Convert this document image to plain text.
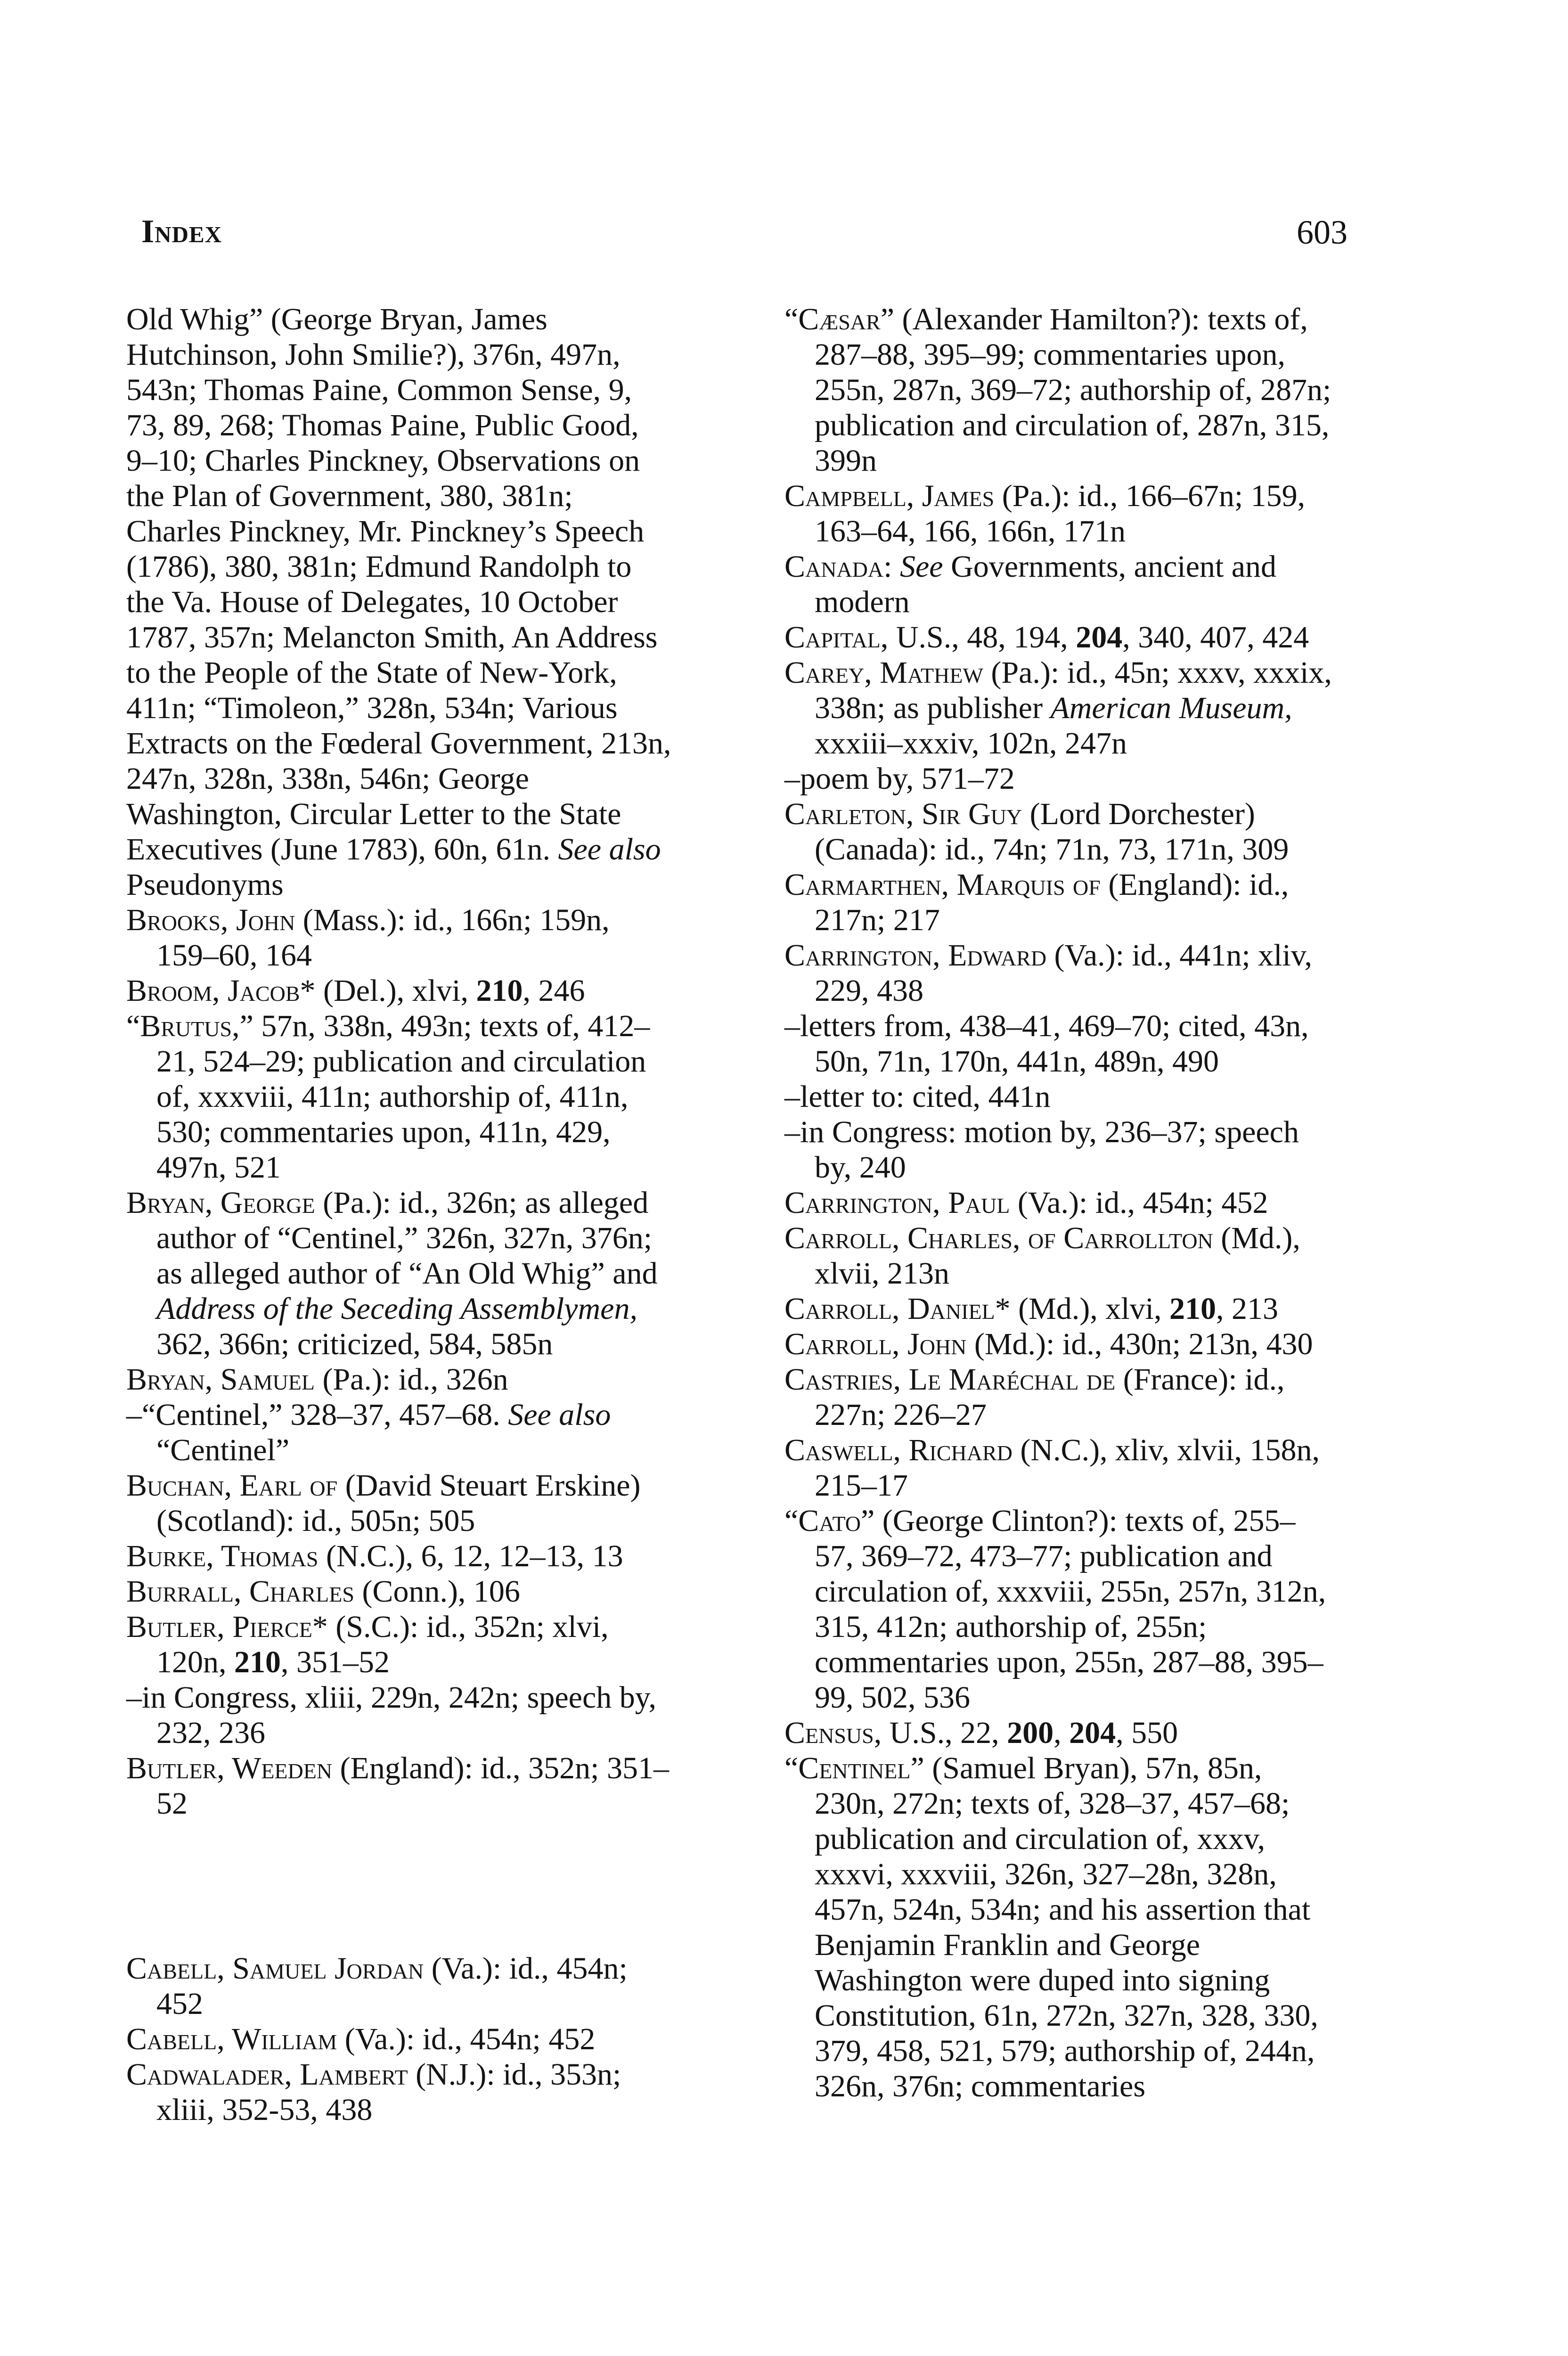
Index	603
Old Whig” (George Bryan, James Hutchinson, John Smilie?), 376n, 497n, 543n; Thomas Paine, Common Sense, 9, 73, 89, 268; Thomas Paine, Public Good, 9–10; Charles Pinckney, Observations on the Plan of Government, 380, 381n; Charles Pinckney, Mr. Pinckney’s Speech (1786), 380, 381n; Edmund Randolph to the Va. House of Delegates, 10 October 1787, 357n; Melancton Smith, An Address to the People of the State of New-York, 411n; “Timoleon,” 328n, 534n; Various Extracts on the Fœderal Government, 213n, 247n, 328n, 338n, 546n; George Washington, Circular Letter to the State Executives (June 1783), 60n, 61n. See also Pseudonyms
Brooks, John (Mass.): id., 166n; 159n, 159–60, 164
Broom, Jacob* (Del.), xlvi, 210, 246
“Brutus,” 57n, 338n, 493n; texts of, 412–21, 524–29; publication and circulation of, xxxviii, 411n; authorship of, 411n, 530; commentaries upon, 411n, 429, 497n, 521
Bryan, George (Pa.): id., 326n; as alleged author of “Centinel,” 326n, 327n, 376n; as alleged author of “An Old Whig” and Address of the Seceding Assemblymen, 362, 366n; criticized, 584, 585n
Bryan, Samuel (Pa.): id., 326n
–“Centinel,” 328–37, 457–68. See also “Centinel”
Buchan, Earl of (David Steuart Erskine) (Scotland): id., 505n; 505
Burke, Thomas (N.C.), 6, 12, 12–13, 13
Burrall, Charles (Conn.), 106
Butler, Pierce* (S.C.): id., 352n; xlvi, 120n, 210, 351–52
–in Congress, xliii, 229n, 242n; speech by, 232, 236
Butler, Weeden (England): id., 352n; 351–52
Cabell, Samuel Jordan (Va.): id., 454n; 452
Cabell, William (Va.): id., 454n; 452
Cadwalader, Lambert (N.J.): id., 353n; xliii, 352-53, 438
“Cæsar” (Alexander Hamilton?): texts of, 287–88, 395–99; commentaries upon, 255n, 287n, 369–72; authorship of, 287n; publication and circulation of, 287n, 315, 399n
Campbell, James (Pa.): id., 166–67n; 159, 163–64, 166, 166n, 171n
Canada: See Governments, ancient and modern
Capital, U.S., 48, 194, 204, 340, 407, 424
Carey, Mathew (Pa.): id., 45n; xxxv, xxxix, 338n; as publisher American Museum, xxxiii–xxxiv, 102n, 247n
–poem by, 571–72
Carleton, Sir Guy (Lord Dorchester) (Canada): id., 74n; 71n, 73, 171n, 309
Carmarthen, Marquis of (England): id., 217n; 217
Carrington, Edward (Va.): id., 441n; xliv, 229, 438
–letters from, 438–41, 469–70; cited, 43n, 50n, 71n, 170n, 441n, 489n, 490
–letter to: cited, 441n
–in Congress: motion by, 236–37; speech by, 240
Carrington, Paul (Va.): id., 454n; 452
Carroll, Charles, of Carrollton (Md.), xlvii, 213n
Carroll, Daniel* (Md.), xlvi, 210, 213
Carroll, John (Md.): id., 430n; 213n, 430
Castries, Le Maréchal de (France): id., 227n; 226–27
Caswell, Richard (N.C.), xliv, xlvii, 158n, 215–17
“Cato” (George Clinton?): texts of, 255–57, 369–72, 473–77; publication and circulation of, xxxviii, 255n, 257n, 312n, 315, 412n; authorship of, 255n; commentaries upon, 255n, 287–88, 395–99, 502, 536
Census, U.S., 22, 200, 204, 550
“Centinel” (Samuel Bryan), 57n, 85n, 230n, 272n; texts of, 328–37, 457–68; publication and circulation of, xxxv, xxxvi, xxxviii, 326n, 327–28n, 328n, 457n, 524n, 534n; and his assertion that Benjamin Franklin and George Washington were duped into signing Constitution, 61n, 272n, 327n, 328, 330, 379, 458, 521, 579; authorship of, 244n, 326n, 376n; commentaries
